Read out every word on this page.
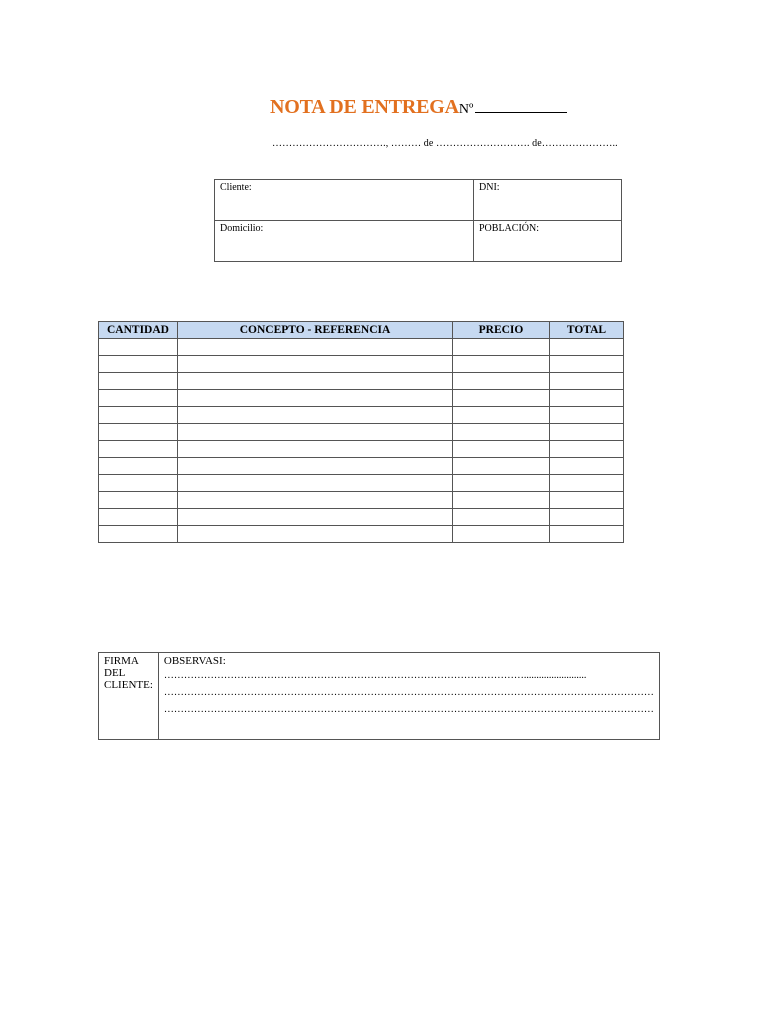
NOTA DE ENTREGA Nº
……………………………., ……… de ………………………. de…………………..
Cliente:	DNI:
Domicilio:	POBLACIÓN:
CANTIDAD	CONCEPTO - REFERENCIA	PRECIO	TOTAL

FIRMA DEL CLIENTE:	
OBSERVASI:
……………………………………………………………………………………………….........................
…………………………………………………………………………………………………………………………………
…………………………………………………………………………………………………………………………………
